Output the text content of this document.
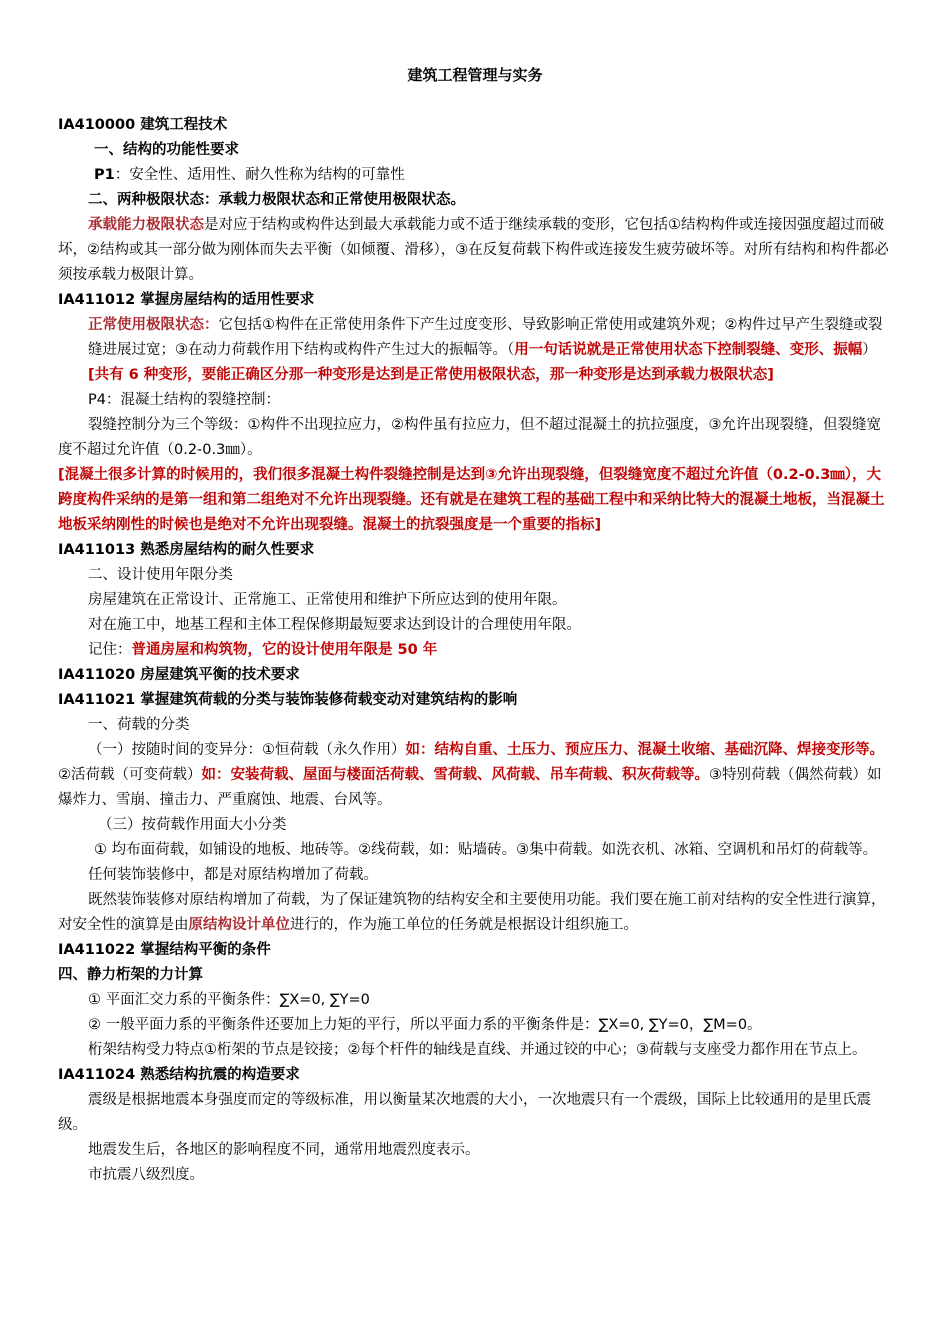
建筑工程管理与实务

IA410000 建筑工程技术

一、结构的功能性要求

P1：安全性、适用性、耐久性称为结构的可靠性

二、两种极限状态：承载力极限状态和正常使用极限状态。

承载能力极限状态是对应于结构或构件达到最大承载能力或不适于继续承载的变形，它包括①结构构件或连接因强度超过而破坏，②结构或其一部分做为刚体而失去平衡（如倾覆、滑移），③在反复荷载下构件或连接发生疲劳破坏等。对所有结构和构件都必须按承载力极限计算。

IA411012 掌握房屋结构的适用性要求

正常使用极限状态：它包括①构件在正常使用条件下产生过度变形、导致影响正常使用或建筑外观；②构件过早产生裂缝或裂缝进展过宽；③在动力荷载作用下结构或构件产生过大的振幅等。（用一句话说就是正常使用状态下控制裂缝、变形、振幅）

[共有 6 种变形，要能正确区分那一种变形是达到是正常使用极限状态，那一种变形是达到承载力极限状态]

P4：混凝土结构的裂缝控制：

裂缝控制分为三个等级：①构件不出现拉应力，②构件虽有拉应力，但不超过混凝土的抗拉强度，③允许出现裂缝，但裂缝宽度不超过允许值（0.2-0.3㎜）。

[混凝土很多计算的时候用的，我们很多混凝土构件裂缝控制是达到③允许出现裂缝，但裂缝宽度不超过允许值（0.2-0.3㎜），大跨度构件采纳的是第一组和第二组绝对不允许出现裂缝。还有就是在建筑工程的基础工程中和采纳比特大的混凝土地板，当混凝土地板采纳刚性的时候也是绝对不允许出现裂缝。混凝土的抗裂强度是一个重要的指标]

IA411013 熟悉房屋结构的耐久性要求

二、设计使用年限分类

房屋建筑在正常设计、正常施工、正常使用和维护下所应达到的使用年限。

对在施工中，地基工程和主体工程保修期最短要求达到设计的合理使用年限。

记住：普通房屋和构筑物，它的设计使用年限是 50 年

IA411020 房屋建筑平衡的技术要求

IA411021 掌握建筑荷载的分类与装饰装修荷载变动对建筑结构的影响

一、荷载的分类

（一）按随时间的变异分：①恒荷载（永久作用）如：结构自重、土压力、预应压力、混凝土收缩、基础沉降、焊接变形等。②活荷载（可变荷载）如：安装荷载、屋面与楼面活荷载、雪荷载、风荷载、吊车荷载、积灰荷载等。③特别荷载（偶然荷载）如爆炸力、雪崩、撞击力、严重腐蚀、地震、台风等。

（三）按荷载作用面大小分类

① 均布面荷载，如铺设的地板、地砖等。②线荷载，如：贴墙砖。③集中荷载。如洗衣机、冰箱、空调机和吊灯的荷载等。

任何装饰装修中，都是对原结构增加了荷载。

既然装饰装修对原结构增加了荷载，为了保证建筑物的结构安全和主要使用功能。我们要在施工前对结构的安全性进行演算，对安全性的演算是由原结构设计单位进行的，作为施工单位的任务就是根据设计组织施工。

IA411022 掌握结构平衡的条件

四、静力桁架的力计算

① 平面汇交力系的平衡条件：∑X=0, ∑Y=0

② 一般平面力系的平衡条件还要加上力矩的平行，所以平面力系的平衡条件是：∑X=0, ∑Y=0，∑M=0。

桁架结构受力特点①桁架的节点是铰接；②每个杆件的轴线是直线、并通过铰的中心；③荷载与支座受力都作用在节点上。

IA411024 熟悉结构抗震的构造要求

震级是根据地震本身强度而定的等级标准，用以衡量某次地震的大小，一次地震只有一个震级，国际上比较通用的是里氏震级。

地震发生后，各地区的影响程度不同，通常用地震烈度表示。

市抗震八级烈度。
